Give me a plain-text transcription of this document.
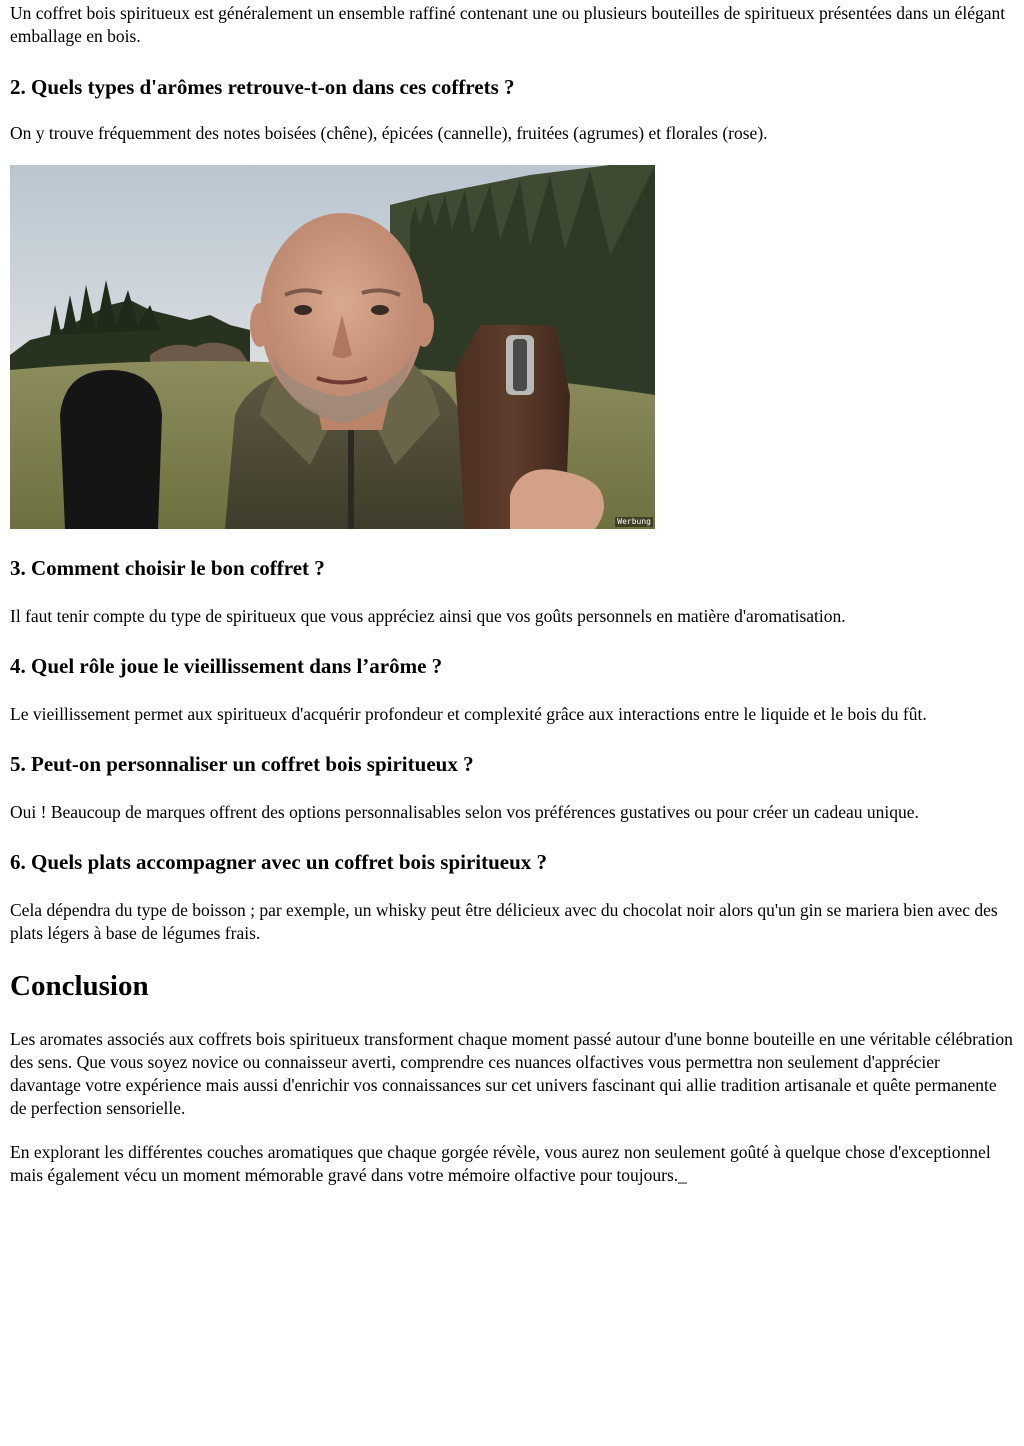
Un coffret bois spiritueux est généralement un ensemble raffiné contenant une ou plusieurs bouteilles de spiritueux présentées dans un élégant emballage en bois.

2. Quels types d'arômes retrouve-t-on dans ces coffrets ?

On y trouve fréquemment des notes boisées (chêne), épicées (cannelle), fruitées (agrumes) et florales (rose).

Werbung
3. Comment choisir le bon coffret ?

Il faut tenir compte du type de spiritueux que vous appréciez ainsi que vos goûts personnels en matière d'aromatisation.

4. Quel rôle joue le vieillissement dans l’arôme ?

Le vieillissement permet aux spiritueux d'acquérir profondeur et complexité grâce aux interactions entre le liquide et le bois du fût.

5. Peut-on personnaliser un coffret bois spiritueux ?

Oui ! Beaucoup de marques offrent des options personnalisables selon vos préférences gustatives ou pour créer un cadeau unique.

6. Quels plats accompagner avec un coffret bois spiritueux ?

Cela dépendra du type de boisson ; par exemple, un whisky peut être délicieux avec du chocolat noir alors qu'un gin se mariera bien avec des plats légers à base de légumes frais.

Conclusion

Les aromates associés aux coffrets bois spiritueux transforment chaque moment passé autour d'une bonne bouteille en une véritable célébration des sens. Que vous soyez novice ou connaisseur averti, comprendre ces nuances olfactives vous permettra non seulement d'apprécier davantage votre expérience mais aussi d'enrichir vos connaissances sur cet univers fascinant qui allie tradition artisanale et quête permanente de perfection sensorielle.

En explorant les différentes couches aromatiques que chaque gorgée révèle, vous aurez non seulement goûté à quelque chose d'exceptionnel mais également vécu un moment mémorable gravé dans votre mémoire olfactive pour toujours._
